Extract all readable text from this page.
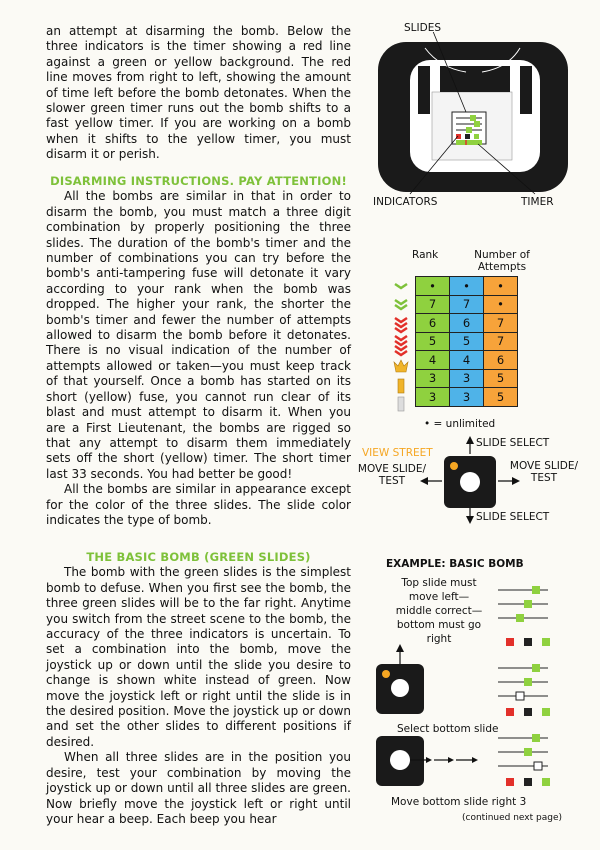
an attempt at disarming the bomb. Below the three indicators is the timer showing a red line against a green or yellow background. The red line moves from right to left, showing the amount of time left before the bomb detonates. When the slower green timer runs out the bomb shifts to a fast yellow timer. If you are working on a bomb when it shifts to the yellow timer, you must disarm it or perish.

DISARMING INSTRUCTIONS. PAY ATTENTION!

All the bombs are similar in that in order to disarm the bomb, you must match a three digit combination by properly positioning the three slides. The duration of the bomb's timer and the number of combinations you can try before the bomb's anti-tampering fuse will detonate it vary according to your rank when the bomb was dropped. The higher your rank, the shorter the bomb's timer and fewer the number of attempts allowed to disarm the bomb before it detonates. There is no visual indication of the number of attempts allowed or taken—you must keep track of that yourself. Once a bomb has started on its short (yellow) fuse, you cannot run clear of its blast and must attempt to disarm it. When you are a First Lieutenant, the bombs are rigged so that any attempt to disarm them immediately sets off the short (yellow) timer. The short timer last 33 seconds. You had better be good!

All the bombs are similar in appearance except for the color of the three slides. The slide color indicates the type of bomb.

THE BASIC BOMB (GREEN SLIDES)

The bomb with the green slides is the simplest bomb to defuse. When you first see the bomb, the three green slides will be to the far right. Anytime you switch from the street scene to the bomb, the accuracy of the three indicators is uncertain. To set a combination into the bomb, move the joystick up or down until the slide you desire to change is shown white instead of green. Now move the joystick left or right until the slide is in the desired position. Move the joystick up or down and set the other slides to different positions if desired.

When all three slides are in the position you desire, test your combination by moving the joystick up or down until all three slides are green. Now briefly move the joystick left or right until your hear a beep. Each beep you hear

SLIDES
INDICATORS	TIMER
Rank	Number of Attempts
•	•	•
7	7	•
6	6	7
5	5	7
4	4	6
3	3	5
3	3	5
• = unlimited
VIEW STREET
SLIDE SELECT
MOVE SLIDE/ TEST
MOVE SLIDE/ TEST
SLIDE SELECT
EXAMPLE: BASIC BOMB
Top slide must move left— middle correct— bottom must go right
Select bottom slide
Move bottom slide right 3
(continued next page)
